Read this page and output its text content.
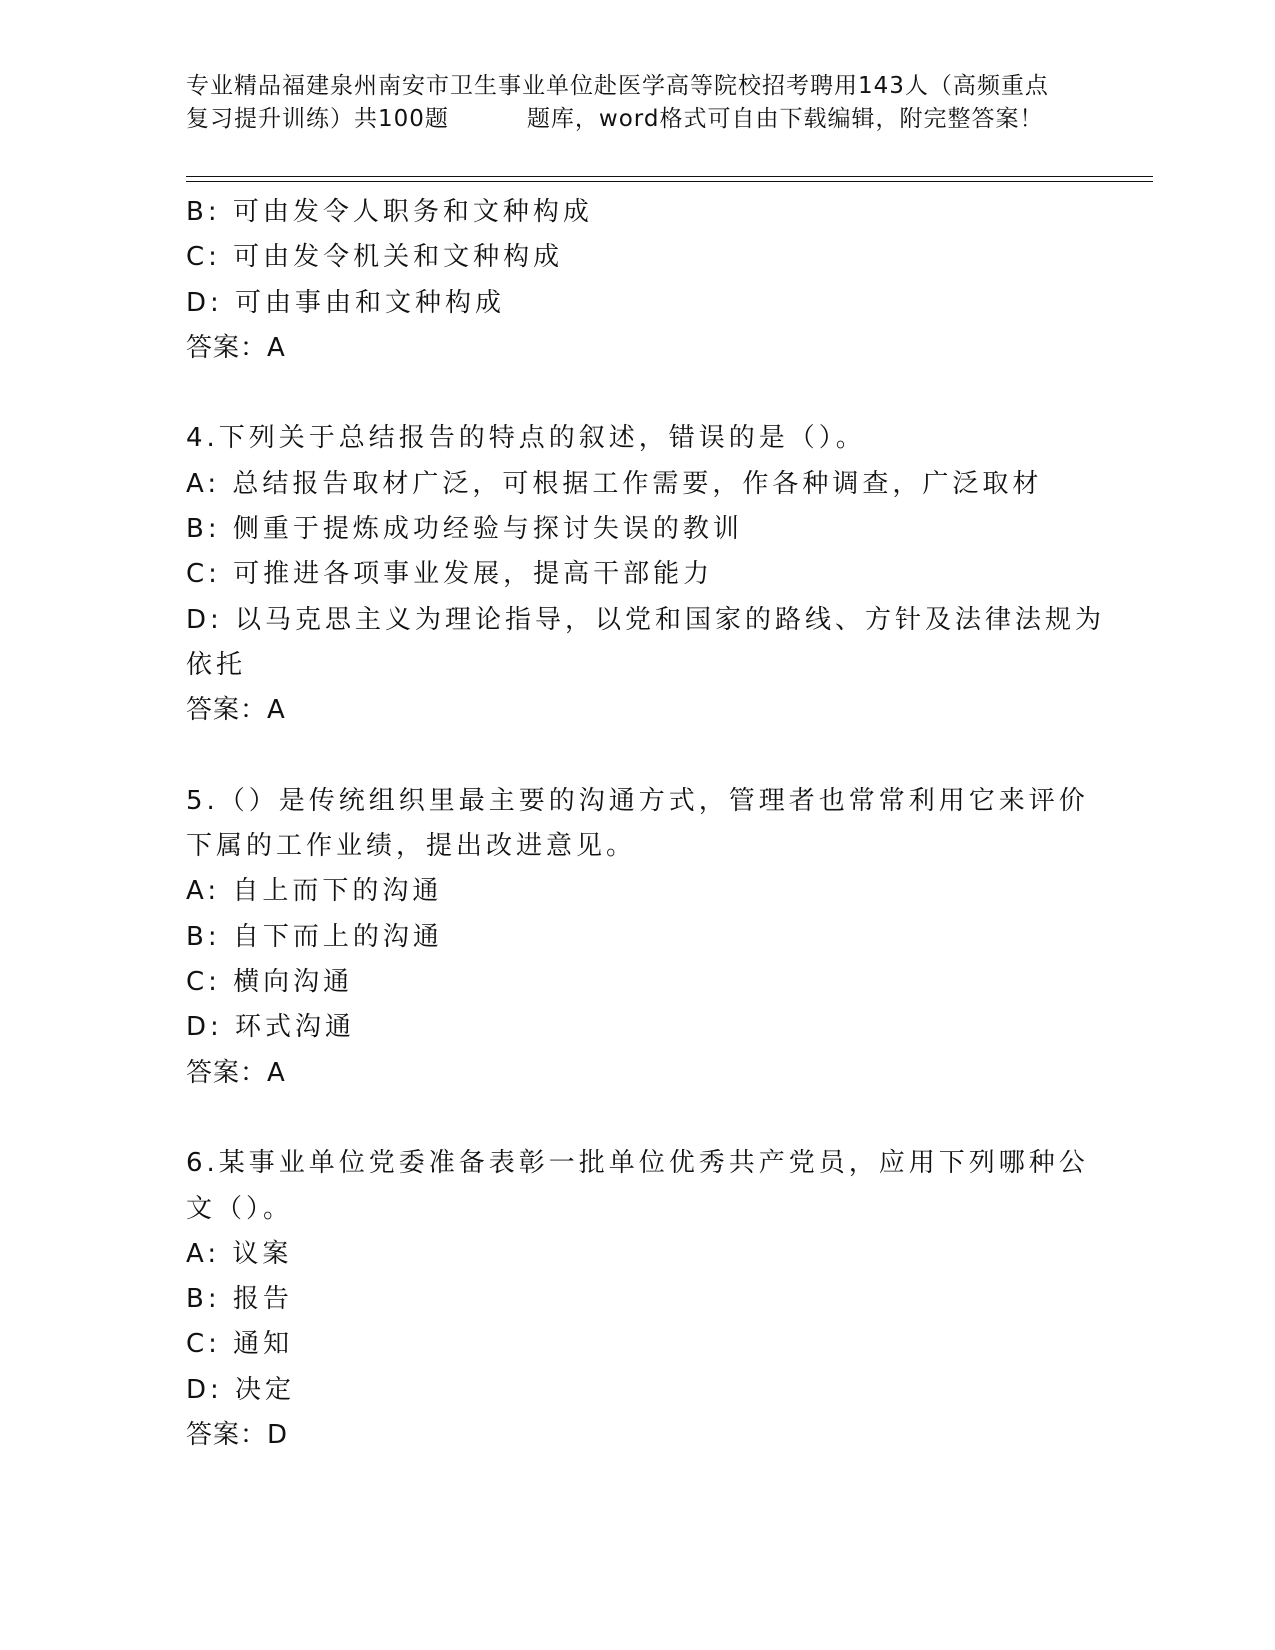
专业精品福建泉州南安市卫生事业单位赴医学高等院校招考聘用143人（高频重点
复习提升训练）共100题	题库，word格式可自由下载编辑，附完整答案！
B: 可由发令人职务和文种构成
C: 可由发令机关和文种构成
D: 可由事由和文种构成
答案：A
4.下列关于总结报告的特点的叙述，错误的是（）。
A: 总结报告取材广泛，可根据工作需要，作各种调查，广泛取材
B: 侧重于提炼成功经验与探讨失误的教训
C: 可推进各项事业发展，提高干部能力
D: 以马克思主义为理论指导，以党和国家的路线、方针及法律法规为
依托
答案：A
5.（）是传统组织里最主要的沟通方式，管理者也常常利用它来评价
下属的工作业绩，提出改进意见。
A: 自上而下的沟通
B: 自下而上的沟通
C: 横向沟通
D: 环式沟通
答案：A
6.某事业单位党委准备表彰一批单位优秀共产党员，应用下列哪种公
文（）。
A: 议案
B: 报告
C: 通知
D: 决定
答案：D
